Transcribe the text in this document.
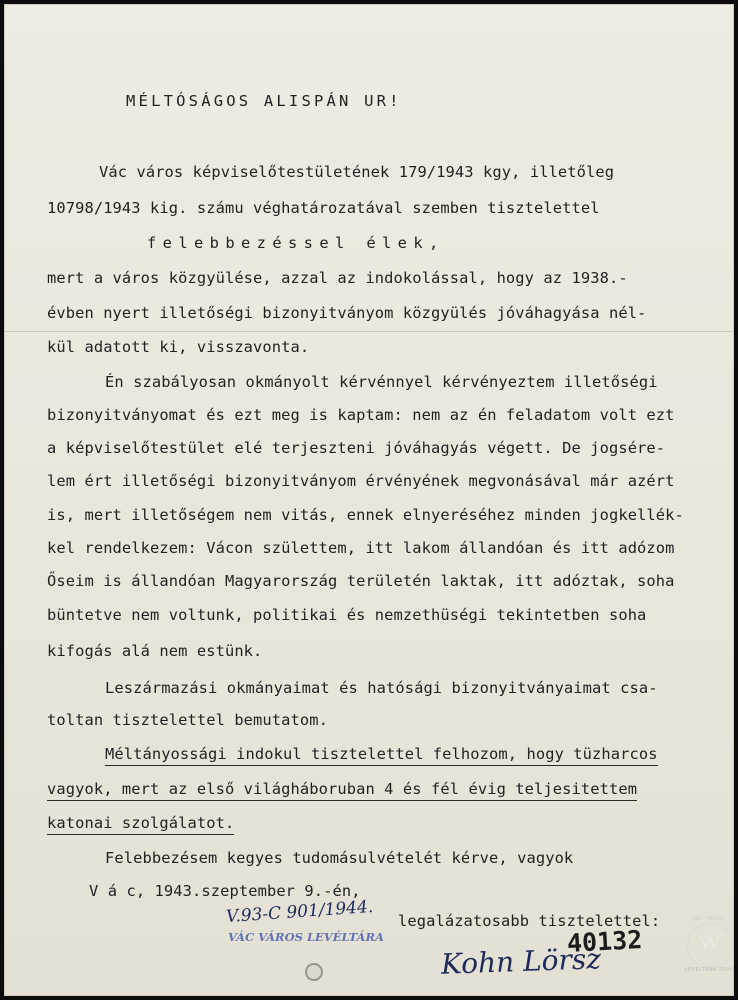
MÉLTÓSÁGOS ALISPÁN UR!
Vác város képviselőtestületének 179/1943 kgy, illetőleg
10798/1943 kig. számu véghatározatával szemben tisztelettel
felebbezéssel élek,
mert a város közgyülése, azzal az indokolással, hogy az 1938.-
évben nyert illetőségi bizonyitványom közgyülés jóváhagyása nél-
kül adatott ki, visszavonta.
Én szabályosan okmányolt kérvénnyel kérvényeztem illetőségi
bizonyitványomat és ezt meg is kaptam: nem az én feladatom volt ezt
a képviselőtestület elé terjeszteni jóváhagyás végett. De jogsére-
lem ért illetőségi bizonyitványom érvényének megvonásával már azért
is, mert illetőségem nem vitás, ennek elnyeréséhez minden jogkellék-
kel rendelkezem: Vácon születtem, itt lakom állandóan és itt adózom
Őseim is állandóan Magyarország területén laktak, itt adóztak, soha
büntetve nem voltunk, politikai és nemzethüségi tekintetben soha
kifogás alá nem estünk.
Leszármazási okmányaimat és hatósági bizonyitványaimat csa-
toltan tisztelettel bemutatom.
Méltányossági indokul tisztelettel felhozom, hogy tüzharcos
vagyok, mert az első világháboruban 4 és fél évig teljesitettem
katonai szolgálatot.
Felebbezésem kegyes tudomásulvételét kérve, vagyok
V á c, 1943.szeptember 9.-én,
legalázatosabb tisztelettel:
V.93-C 901/1944.
VÁC VÁROS LEVÉLTÁRA	40132
Kohn Lörsz
VÁC VÁROS
VV
LEVÉLTÁRA 2004
